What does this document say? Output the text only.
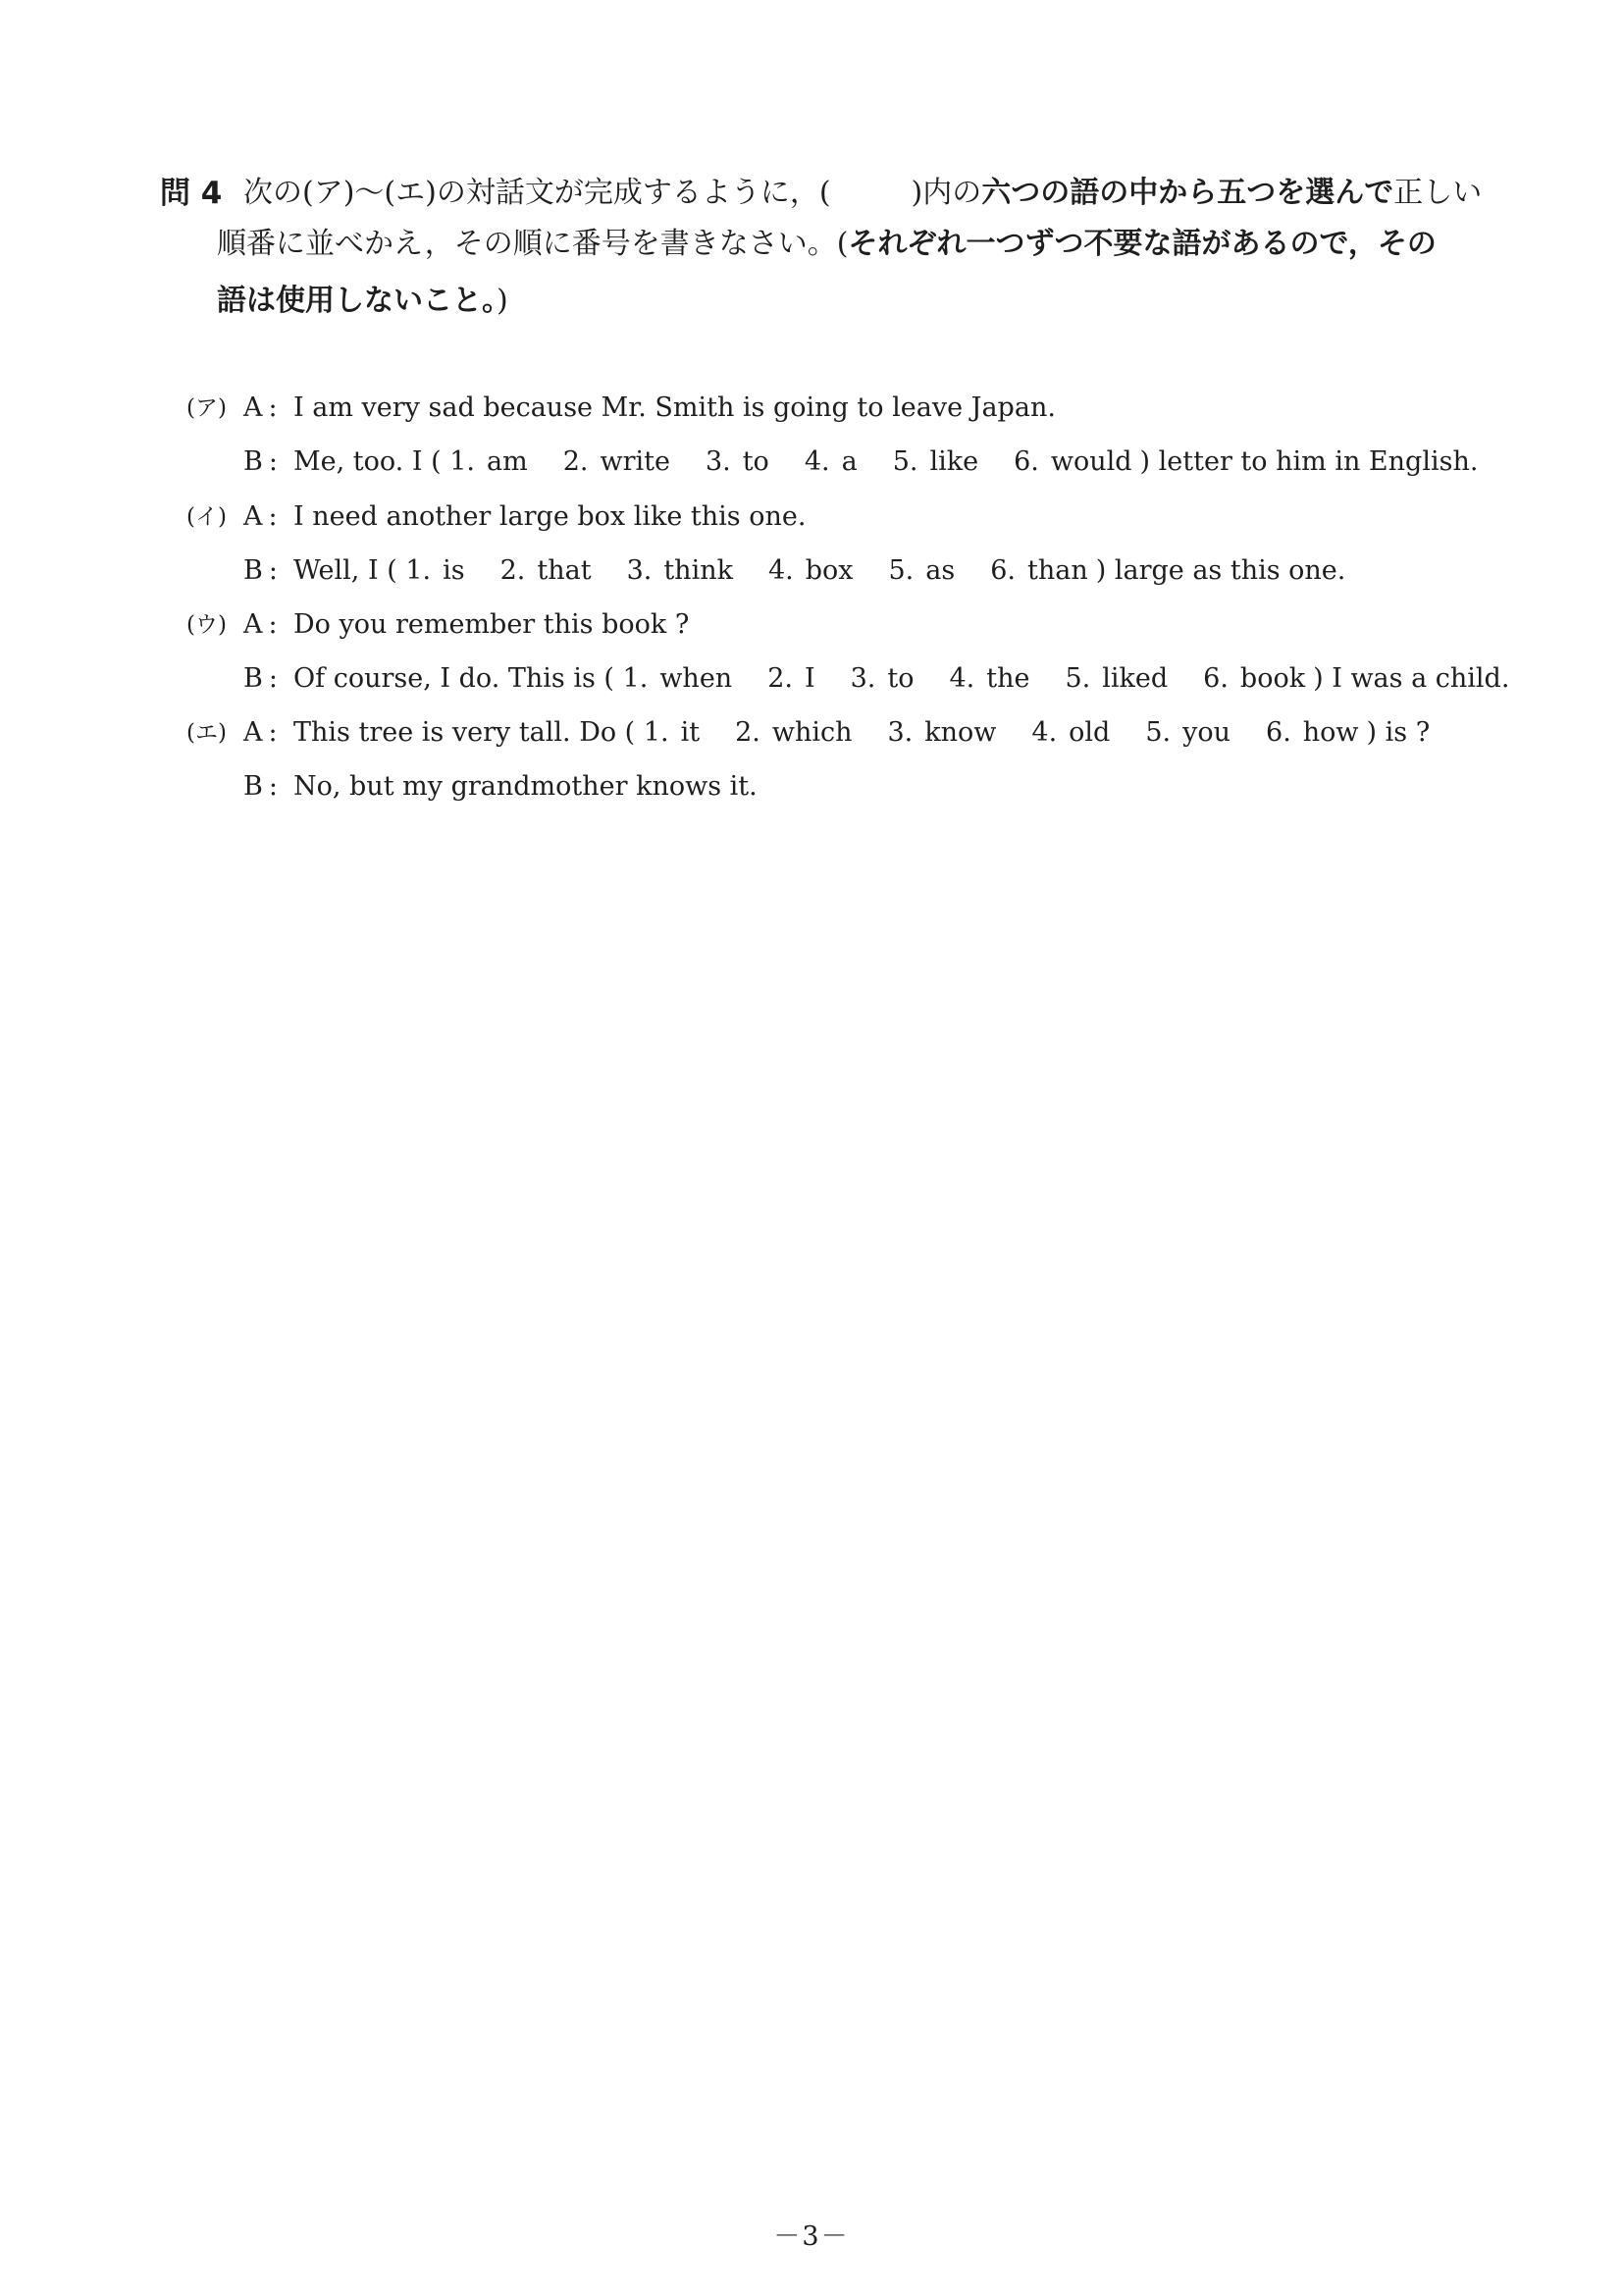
問 4 次の(ア)～(エ)の対話文が完成するように，(	)内の六つの語の中から五つを選んで正しい
順番に並べかえ，その順に番号を書きなさい。(それぞれ一つずつ不要な語があるので，その
語は使用しないこと。)
(ア) A : I am very sad because Mr. Smith is going to leave Japan.
B : Me, too. I ( 1. am 2. write 3. to 4. a 5. like 6. would ) letter to him in English.
(イ) A : I need another large box like this one.
B : Well, I ( 1. is 2. that 3. think 4. box 5. as 6. than ) large as this one.
(ウ) A : Do you remember this book ?
B : Of course, I do. This is ( 1. when 2. I 3. to 4. the 5. liked 6. book ) I was a child.
(エ) A : This tree is very tall. Do ( 1. it 2. which 3. know 4. old 5. you 6. how ) is ?
B : No, but my grandmother knows it.
－3－
